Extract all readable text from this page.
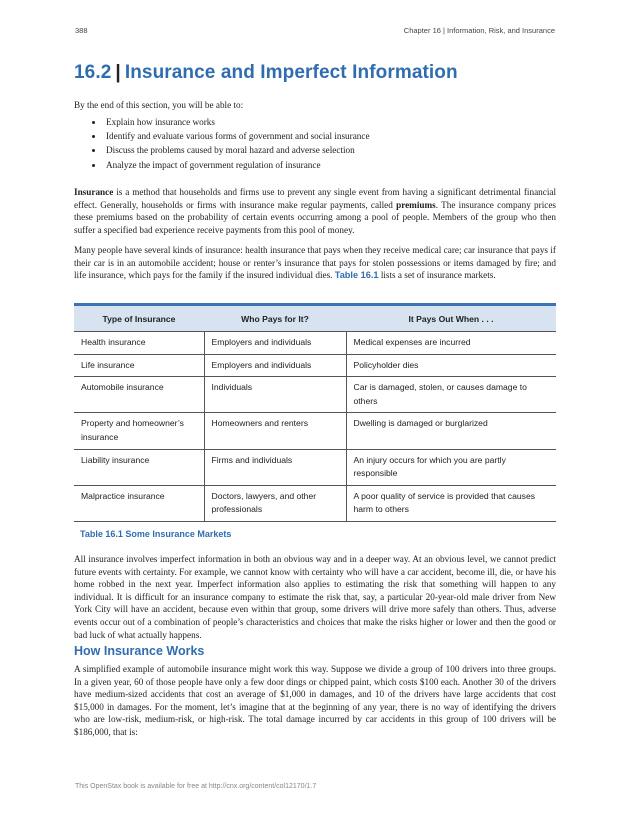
388	Chapter 16 | Information, Risk, and Insurance
16.2 | Insurance and Imperfect Information

By the end of this section, you will be able to:

• Explain how insurance works
• Identify and evaluate various forms of government and social insurance
• Discuss the problems caused by moral hazard and adverse selection
• Analyze the impact of government regulation of insurance

Insurance is a method that households and firms use to prevent any single event from having a significant detrimental financial effect. Generally, households or firms with insurance make regular payments, called premiums. The insurance company prices these premiums based on the probability of certain events occurring among a pool of people. Members of the group who then suffer a specified bad experience receive payments from this pool of money.

Many people have several kinds of insurance: health insurance that pays when they receive medical care; car insurance that pays if their car is in an automobile accident; house or renter’s insurance that pays for stolen possessions or items damaged by fire; and life insurance, which pays for the family if the insured individual dies. Table 16.1 lists a set of insurance markets.

Type of Insurance	Who Pays for It?	It Pays Out When . . .
Health insurance	Employers and individuals	Medical expenses are incurred
Life insurance	Employers and individuals	Policyholder dies
Automobile insurance	Individuals	Car is damaged, stolen, or causes damage to others
Property and homeowner’s insurance	Homeowners and renters	Dwelling is damaged or burglarized
Liability insurance	Firms and individuals	An injury occurs for which you are partly responsible
Malpractice insurance	Doctors, lawyers, and other professionals	A poor quality of service is provided that causes harm to others
Table 16.1 Some Insurance Markets

All insurance involves imperfect information in both an obvious way and in a deeper way. At an obvious level, we cannot predict future events with certainty. For example, we cannot know with certainty who will have a car accident, become ill, die, or have his home robbed in the next year. Imperfect information also applies to estimating the risk that something will happen to any individual. It is difficult for an insurance company to estimate the risk that, say, a particular 20-year-old male driver from New York City will have an accident, because even within that group, some drivers will drive more safely than others. Thus, adverse events occur out of a combination of people’s characteristics and choices that make the risks higher or lower and then the good or bad luck of what actually happens.

How Insurance Works

A simplified example of automobile insurance might work this way. Suppose we divide a group of 100 drivers into three groups. In a given year, 60 of those people have only a few door dings or chipped paint, which costs $100 each. Another 30 of the drivers have medium-sized accidents that cost an average of $1,000 in damages, and 10 of the drivers have large accidents that cost $15,000 in damages. For the moment, let’s imagine that at the beginning of any year, there is no way of identifying the drivers who are low-risk, medium-risk, or high-risk. The total damage incurred by car accidents in this group of 100 drivers will be $186,000, that is:

This OpenStax book is available for free at http://cnx.org/content/col12170/1.7
